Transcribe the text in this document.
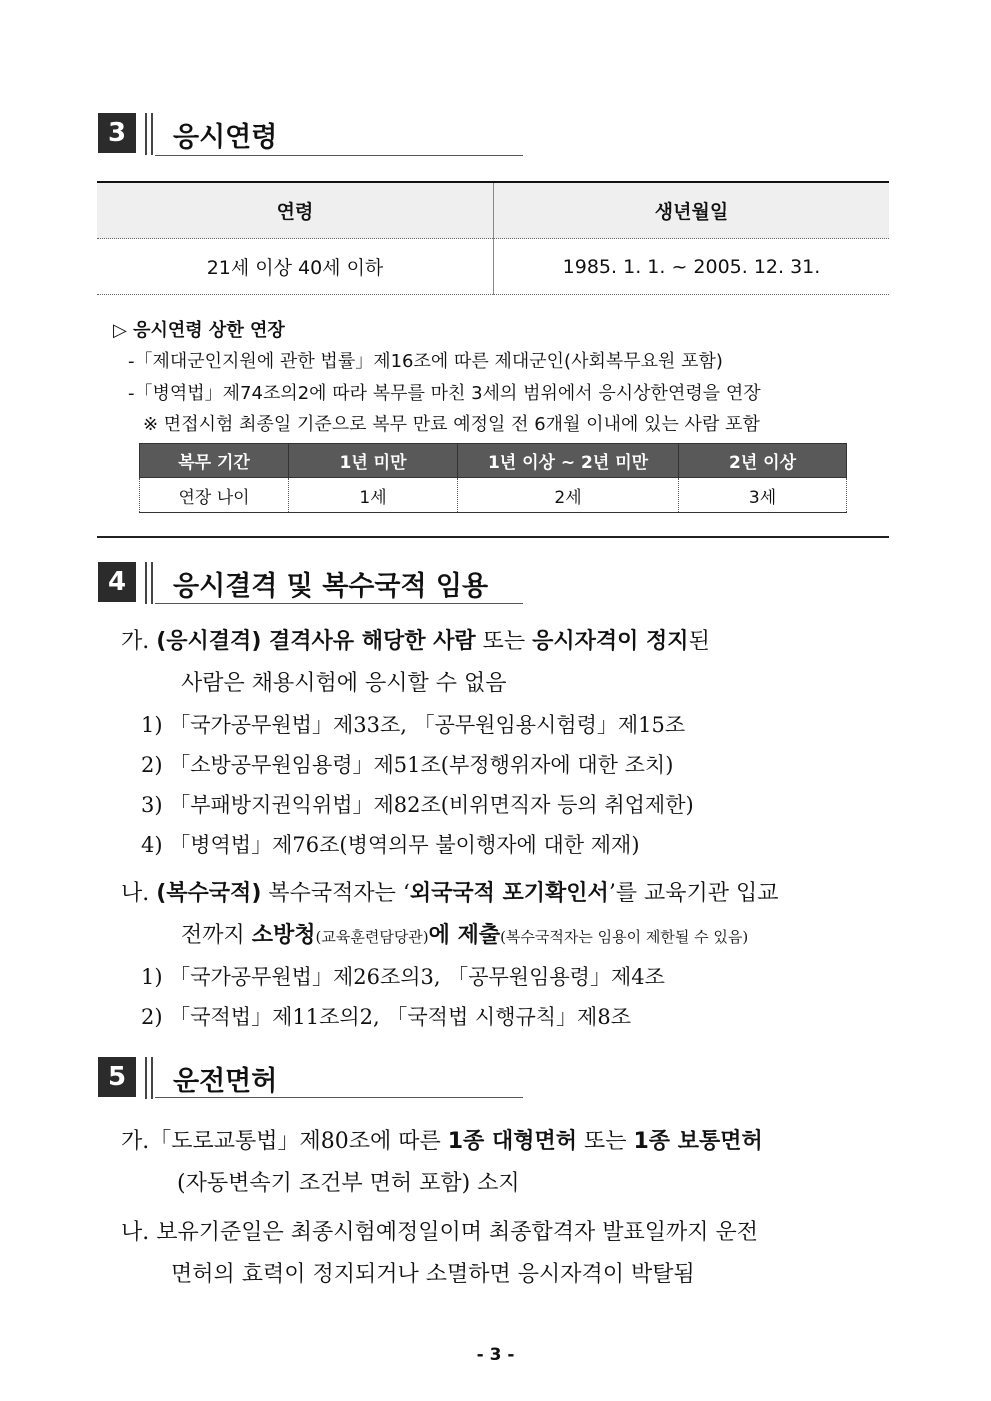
3	응시연령
연령	생년월일
21세 이상 40세 이하	1985. 1. 1. ~ 2005. 12. 31.
▷ 응시연령 상한 연장
-「제대군인지원에 관한 법률」제16조에 따른 제대군인(사회복무요원 포함)
-「병역법」제74조의2에 따라 복무를 마친 3세의 범위에서 응시상한연령을 연장
※ 면접시험 최종일 기준으로 복무 만료 예정일 전 6개월 이내에 있는 사람 포함
복무 기간	1년 미만	1년 이상 ~ 2년 미만	2년 이상
연장 나이	1세	2세	3세
4	응시결격 및 복수국적 임용
가. (응시결격) 결격사유 해당한 사람 또는 응시자격이 정지된
사람은 채용시험에 응시할 수 없음
1) 「국가공무원법」제33조, 「공무원임용시험령」제15조
2) 「소방공무원임용령」제51조(부정행위자에 대한 조치)
3) 「부패방지권익위법」제82조(비위면직자 등의 취업제한)
4) 「병역법」제76조(병역의무 불이행자에 대한 제재)
나. (복수국적) 복수국적자는 ‘외국국적 포기확인서’를 교육기관 입교
전까지 소방청(교육훈련담당관)에 제출(복수국적자는 임용이 제한될 수 있음)
1) 「국가공무원법」제26조의3, 「공무원임용령」제4조
2) 「국적법」제11조의2, 「국적법 시행규칙」제8조
5	운전면허
가.「도로교통법」제80조에 따른 1종 대형면허 또는 1종 보통면허
(자동변속기 조건부 면허 포함) 소지
나. 보유기준일은 최종시험예정일이며 최종합격자 발표일까지 운전
면허의 효력이 정지되거나 소멸하면 응시자격이 박탈됨
- 3 -
